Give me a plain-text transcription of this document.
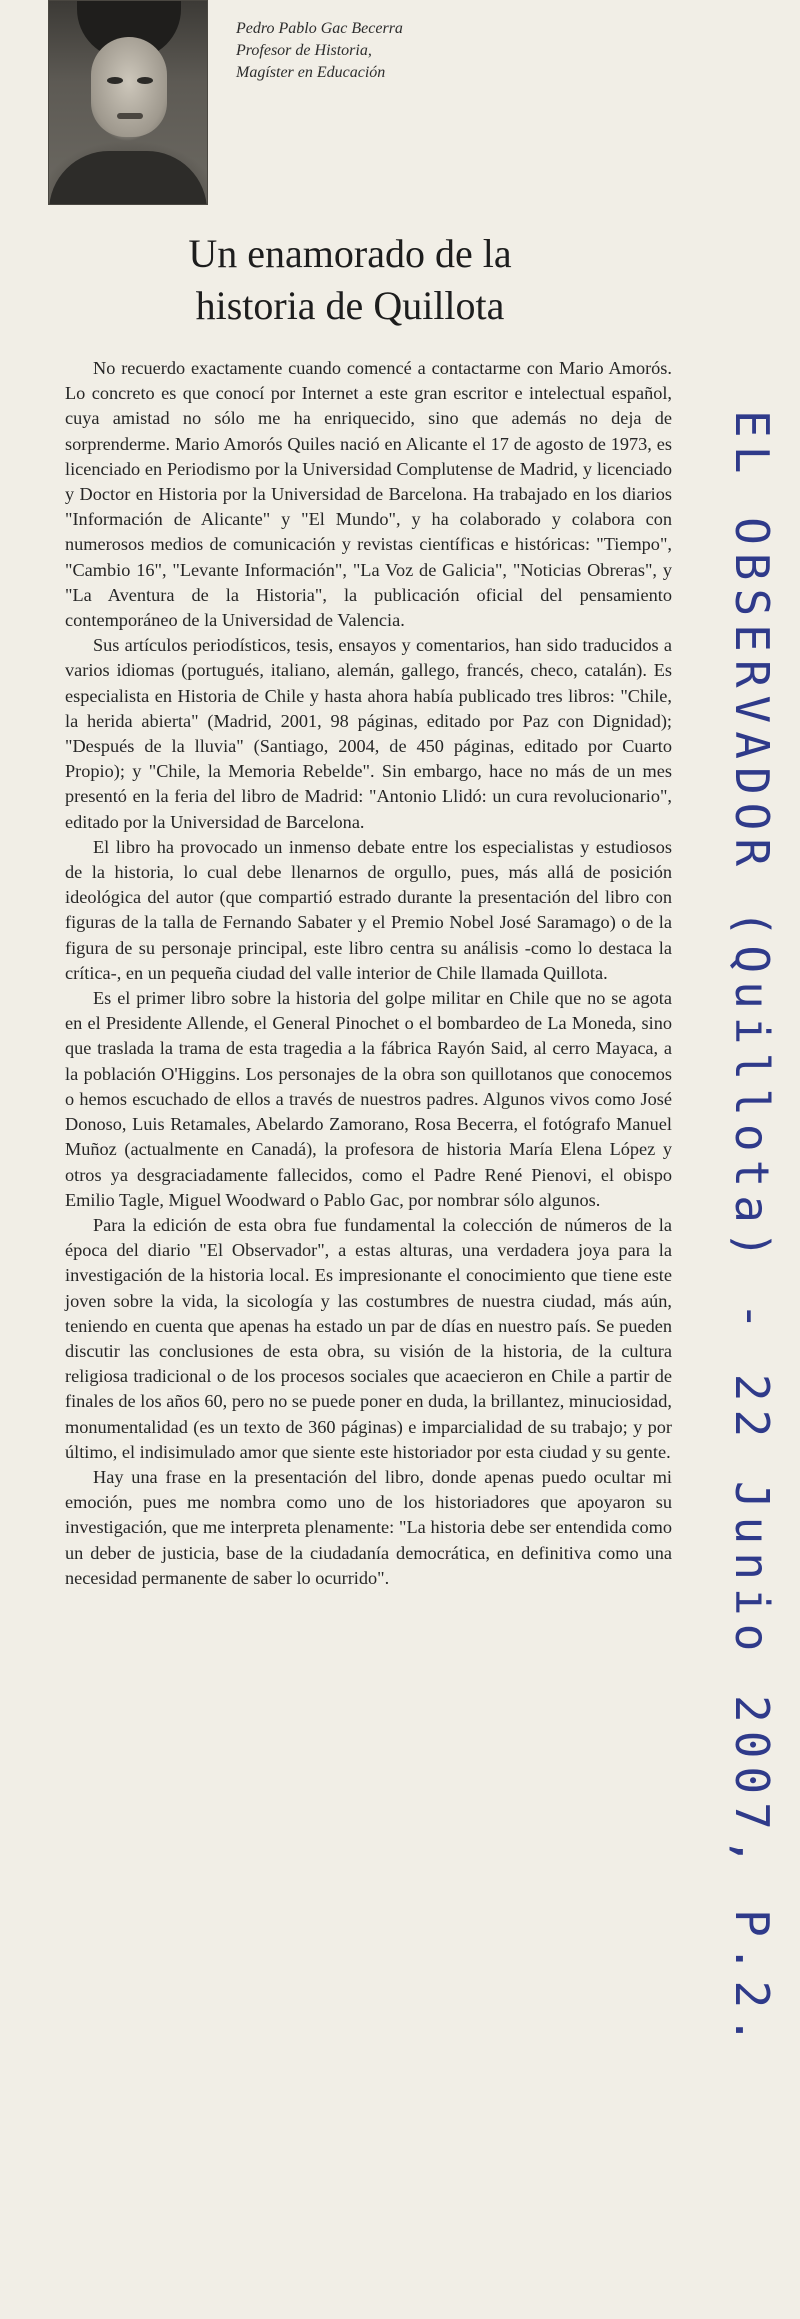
Pedro Pablo Gac Becerra
Profesor de Historia,
Magíster en Educación
Un enamorado de la
historia de Quillota

No recuerdo exactamente cuando comencé a contactarme con Mario Amorós. Lo concreto es que conocí por Internet a este gran escritor e intelectual español, cuya amistad no sólo me ha enriquecido, sino que además no deja de sorprenderme. Mario Amorós Quiles nació en Alicante el 17 de agosto de 1973, es licenciado en Periodismo por la Universidad Complutense de Madrid, y licenciado y Doctor en Historia por la Universidad de Barcelona. Ha trabajado en los diarios "Información de Alicante" y "El Mundo", y ha colaborado y colabora con numerosos medios de comunicación y revistas científicas e históricas: "Tiempo", "Cambio 16", "Levante Información", "La Voz de Galicia", "Noticias Obreras", y "La Aventura de la Historia", la publicación oficial del pensamiento contemporáneo de la Universidad de Valencia.

Sus artículos periodísticos, tesis, ensayos y comentarios, han sido traducidos a varios idiomas (portugués, italiano, alemán, gallego, francés, checo, catalán). Es especialista en Historia de Chile y hasta ahora había publicado tres libros: "Chile, la herida abierta" (Madrid, 2001, 98 páginas, editado por Paz con Dignidad); "Después de la lluvia" (Santiago, 2004, de 450 páginas, editado por Cuarto Propio); y "Chile, la Memoria Rebelde". Sin embargo, hace no más de un mes presentó en la feria del libro de Madrid: "Antonio Llidó: un cura revolucionario", editado por la Universidad de Barcelona.

El libro ha provocado un inmenso debate entre los especialistas y estudiosos de la historia, lo cual debe llenarnos de orgullo, pues, más allá de posición ideológica del autor (que compartió estrado durante la presentación del libro con figuras de la talla de Fernando Sabater y el Premio Nobel José Saramago) o de la figura de su personaje principal, este libro centra su análisis -como lo destaca la crítica-, en un pequeña ciudad del valle interior de Chile llamada Quillota.

Es el primer libro sobre la historia del golpe militar en Chile que no se agota en el Presidente Allende, el General Pinochet o el bombardeo de La Moneda, sino que traslada la trama de esta tragedia a la fábrica Rayón Said, al cerro Mayaca, a la población O'Higgins. Los personajes de la obra son quillotanos que conocemos o hemos escuchado de ellos a través de nuestros padres. Algunos vivos como José Donoso, Luis Retamales, Abelardo Zamorano, Rosa Becerra, el fotógrafo Manuel Muñoz (actualmente en Canadá), la profesora de historia María Elena López y otros ya desgraciadamente fallecidos, como el Padre René Pienovi, el obispo Emilio Tagle, Miguel Woodward o Pablo Gac, por nombrar sólo algunos.

Para la edición de esta obra fue fundamental la colección de números de la época del diario "El Observador", a estas alturas, una verdadera joya para la investigación de la historia local. Es impresionante el conocimiento que tiene este joven sobre la vida, la sicología y las costumbres de nuestra ciudad, más aún, teniendo en cuenta que apenas ha estado un par de días en nuestro país. Se pueden discutir las conclusiones de esta obra, su visión de la historia, de la cultura religiosa tradicional o de los procesos sociales que acaecieron en Chile a partir de finales de los años 60, pero no se puede poner en duda, la brillantez, minuciosidad, monumentalidad (es un texto de 360 páginas) e imparcialidad de su trabajo; y por último, el indisimulado amor que siente este historiador por esta ciudad y su gente.

Hay una frase en la presentación del libro, donde apenas puedo ocultar mi emoción, pues me nombra como uno de los historiadores que apoyaron su investigación, que me interpreta plenamente: "La historia debe ser entendida como un deber de justicia, base de la ciudadanía democrática, en definitiva como una necesidad permanente de saber lo ocurrido".	EL OBSERVADOR (Quillota) - 22 Junio 2007, P.2.
